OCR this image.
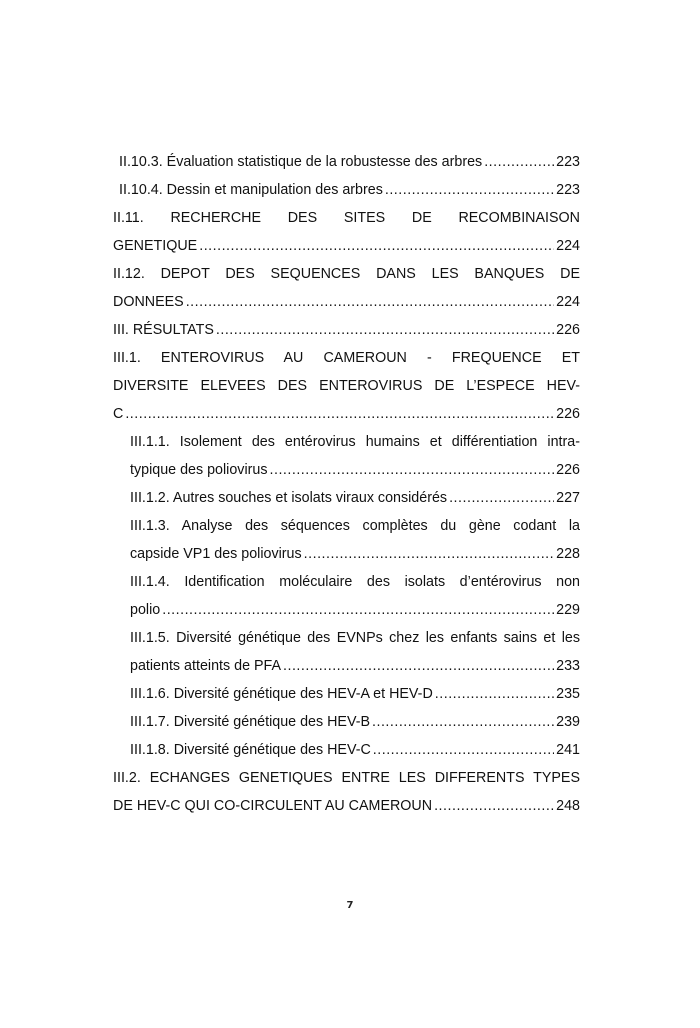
II.10.3. Évaluation statistique de la robustesse des arbres .....	223
II.10.4. Dessin et manipulation des arbres .....	223
II.11. RECHERCHE DES SITES DE RECOMBINAISON
GENETIQUE .....	224
II.12. DEPOT DES SEQUENCES DANS LES BANQUES DE
DONNEES .....	224
III. RÉSULTATS .....	226
III.1. ENTEROVIRUS AU CAMEROUN - FREQUENCE ET
DIVERSITE ELEVEES DES ENTEROVIRUS DE L’ESPECE HEV-
C .....	226
III.1.1. Isolement des entérovirus humains et différentiation intra-
typique des poliovirus .....	226
III.1.2. Autres souches et isolats viraux considérés .....	227
III.1.3. Analyse des séquences complètes du gène codant la
capside VP1 des poliovirus .....	228
III.1.4. Identification moléculaire des isolats d’entérovirus non
polio .....	229
III.1.5. Diversité génétique des EVNPs chez les enfants sains et les
patients atteints de PFA .....	233
III.1.6. Diversité génétique des HEV-A et HEV-D .....	235
III.1.7. Diversité génétique des HEV-B .....	239
III.1.8. Diversité génétique des HEV-C .....	241
III.2. ECHANGES GENETIQUES ENTRE LES DIFFERENTS TYPES
DE HEV-C QUI CO-CIRCULENT AU CAMEROUN .....	248
7
